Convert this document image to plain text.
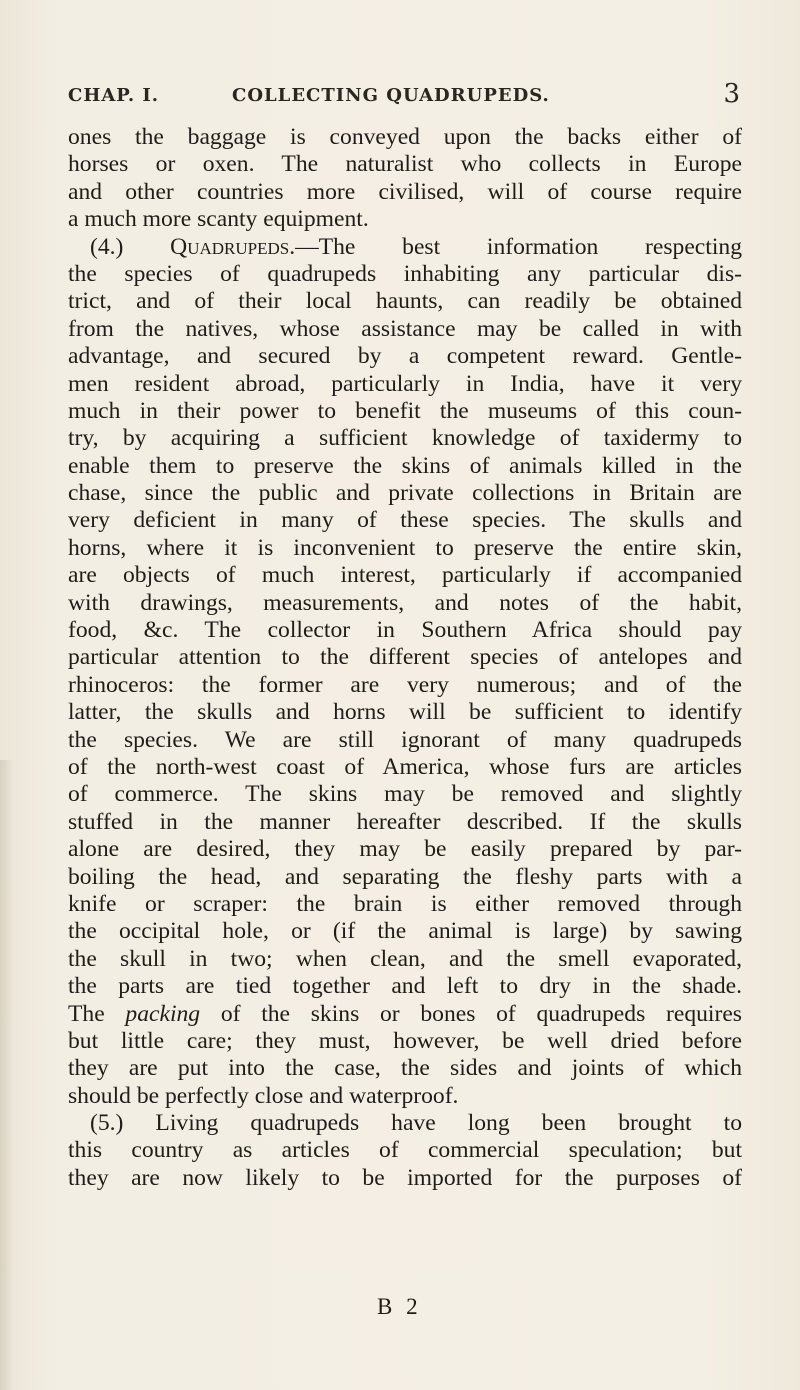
CHAP. I.	COLLECTING QUADRUPEDS.	3
ones the baggage is conveyed upon the backs either of
horses or oxen. The naturalist who collects in Europe
and other countries more civilised, will of course require
a much more scanty equipment.
(4.) Quadrupeds.—The best information respecting
the species of quadrupeds inhabiting any particular dis-
trict, and of their local haunts, can readily be obtained
from the natives, whose assistance may be called in with
advantage, and secured by a competent reward. Gentle-
men resident abroad, particularly in India, have it very
much in their power to benefit the museums of this coun-
try, by acquiring a sufficient knowledge of taxidermy to
enable them to preserve the skins of animals killed in the
chase, since the public and private collections in Britain are
very deficient in many of these species. The skulls and
horns, where it is inconvenient to preserve the entire skin,
are objects of much interest, particularly if accompanied
with drawings, measurements, and notes of the habit,
food, &c. The collector in Southern Africa should pay
particular attention to the different species of antelopes and
rhinoceros: the former are very numerous; and of the
latter, the skulls and horns will be sufficient to identify
the species. We are still ignorant of many quadrupeds
of the north-west coast of America, whose furs are articles
of commerce. The skins may be removed and slightly
stuffed in the manner hereafter described. If the skulls
alone are desired, they may be easily prepared by par-
boiling the head, and separating the fleshy parts with a
knife or scraper: the brain is either removed through
the occipital hole, or (if the animal is large) by sawing
the skull in two; when clean, and the smell evaporated,
the parts are tied together and left to dry in the shade.
The packing of the skins or bones of quadrupeds requires
but little care; they must, however, be well dried before
they are put into the case, the sides and joints of which
should be perfectly close and waterproof.
(5.) Living quadrupeds have long been brought to
this country as articles of commercial speculation; but
they are now likely to be imported for the purposes of
B 2
